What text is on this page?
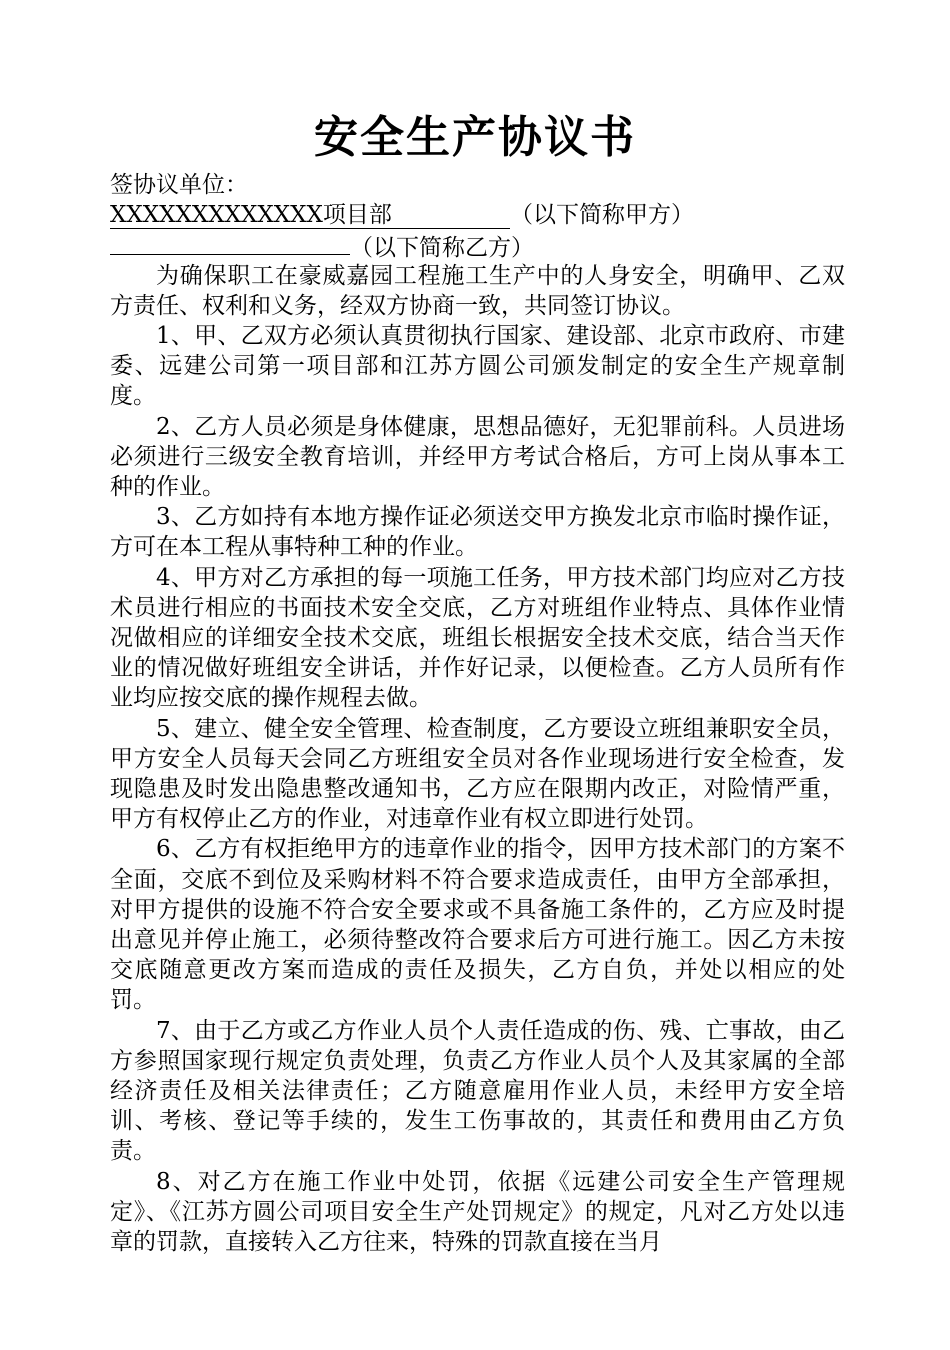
安全生产协议书
签协议单位：
XXXXXXXXXXXXX项目部	（以下简称甲方）
（以下简称乙方）

为确保职工在豪威嘉园工程施工生产中的人身安全，明确甲、乙双方责任、权利和义务，经双方协商一致，共同签订协议。

1、甲、乙双方必须认真贯彻执行国家、建设部、北京市政府、市建委、远建公司第一项目部和江苏方圆公司颁发制定的安全生产规章制度。

2、乙方人员必须是身体健康，思想品德好，无犯罪前科。人员进场必须进行三级安全教育培训，并经甲方考试合格后，方可上岗从事本工种的作业。

3、乙方如持有本地方操作证必须送交甲方换发北京市临时操作证，方可在本工程从事特种工种的作业。

4、甲方对乙方承担的每一项施工任务，甲方技术部门均应对乙方技术员进行相应的书面技术安全交底，乙方对班组作业特点、具体作业情况做相应的详细安全技术交底，班组长根据安全技术交底，结合当天作业的情况做好班组安全讲话，并作好记录，以便检查。乙方人员所有作业均应按交底的操作规程去做。

5、建立、健全安全管理、检查制度，乙方要设立班组兼职安全员，甲方安全人员每天会同乙方班组安全员对各作业现场进行安全检查，发现隐患及时发出隐患整改通知书，乙方应在限期内改正，对险情严重，甲方有权停止乙方的作业，对违章作业有权立即进行处罚。

6、乙方有权拒绝甲方的违章作业的指令，因甲方技术部门的方案不全面，交底不到位及采购材料不符合要求造成责任，由甲方全部承担，对甲方提供的设施不符合安全要求或不具备施工条件的，乙方应及时提出意见并停止施工，必须待整改符合要求后方可进行施工。因乙方未按交底随意更改方案而造成的责任及损失，乙方自负，并处以相应的处罚。

7、由于乙方或乙方作业人员个人责任造成的伤、残、亡事故，由乙方参照国家现行规定负责处理，负责乙方作业人员个人及其家属的全部经济责任及相关法律责任；乙方随意雇用作业人员，未经甲方安全培训、考核、登记等手续的，发生工伤事故的，其责任和费用由乙方负责。

8、对乙方在施工作业中处罚，依据《远建公司安全生产管理规定》、《江苏方圆公司项目安全生产处罚规定》的规定，凡对乙方处以违章的罚款，直接转入乙方往来，特殊的罚款直接在当月
